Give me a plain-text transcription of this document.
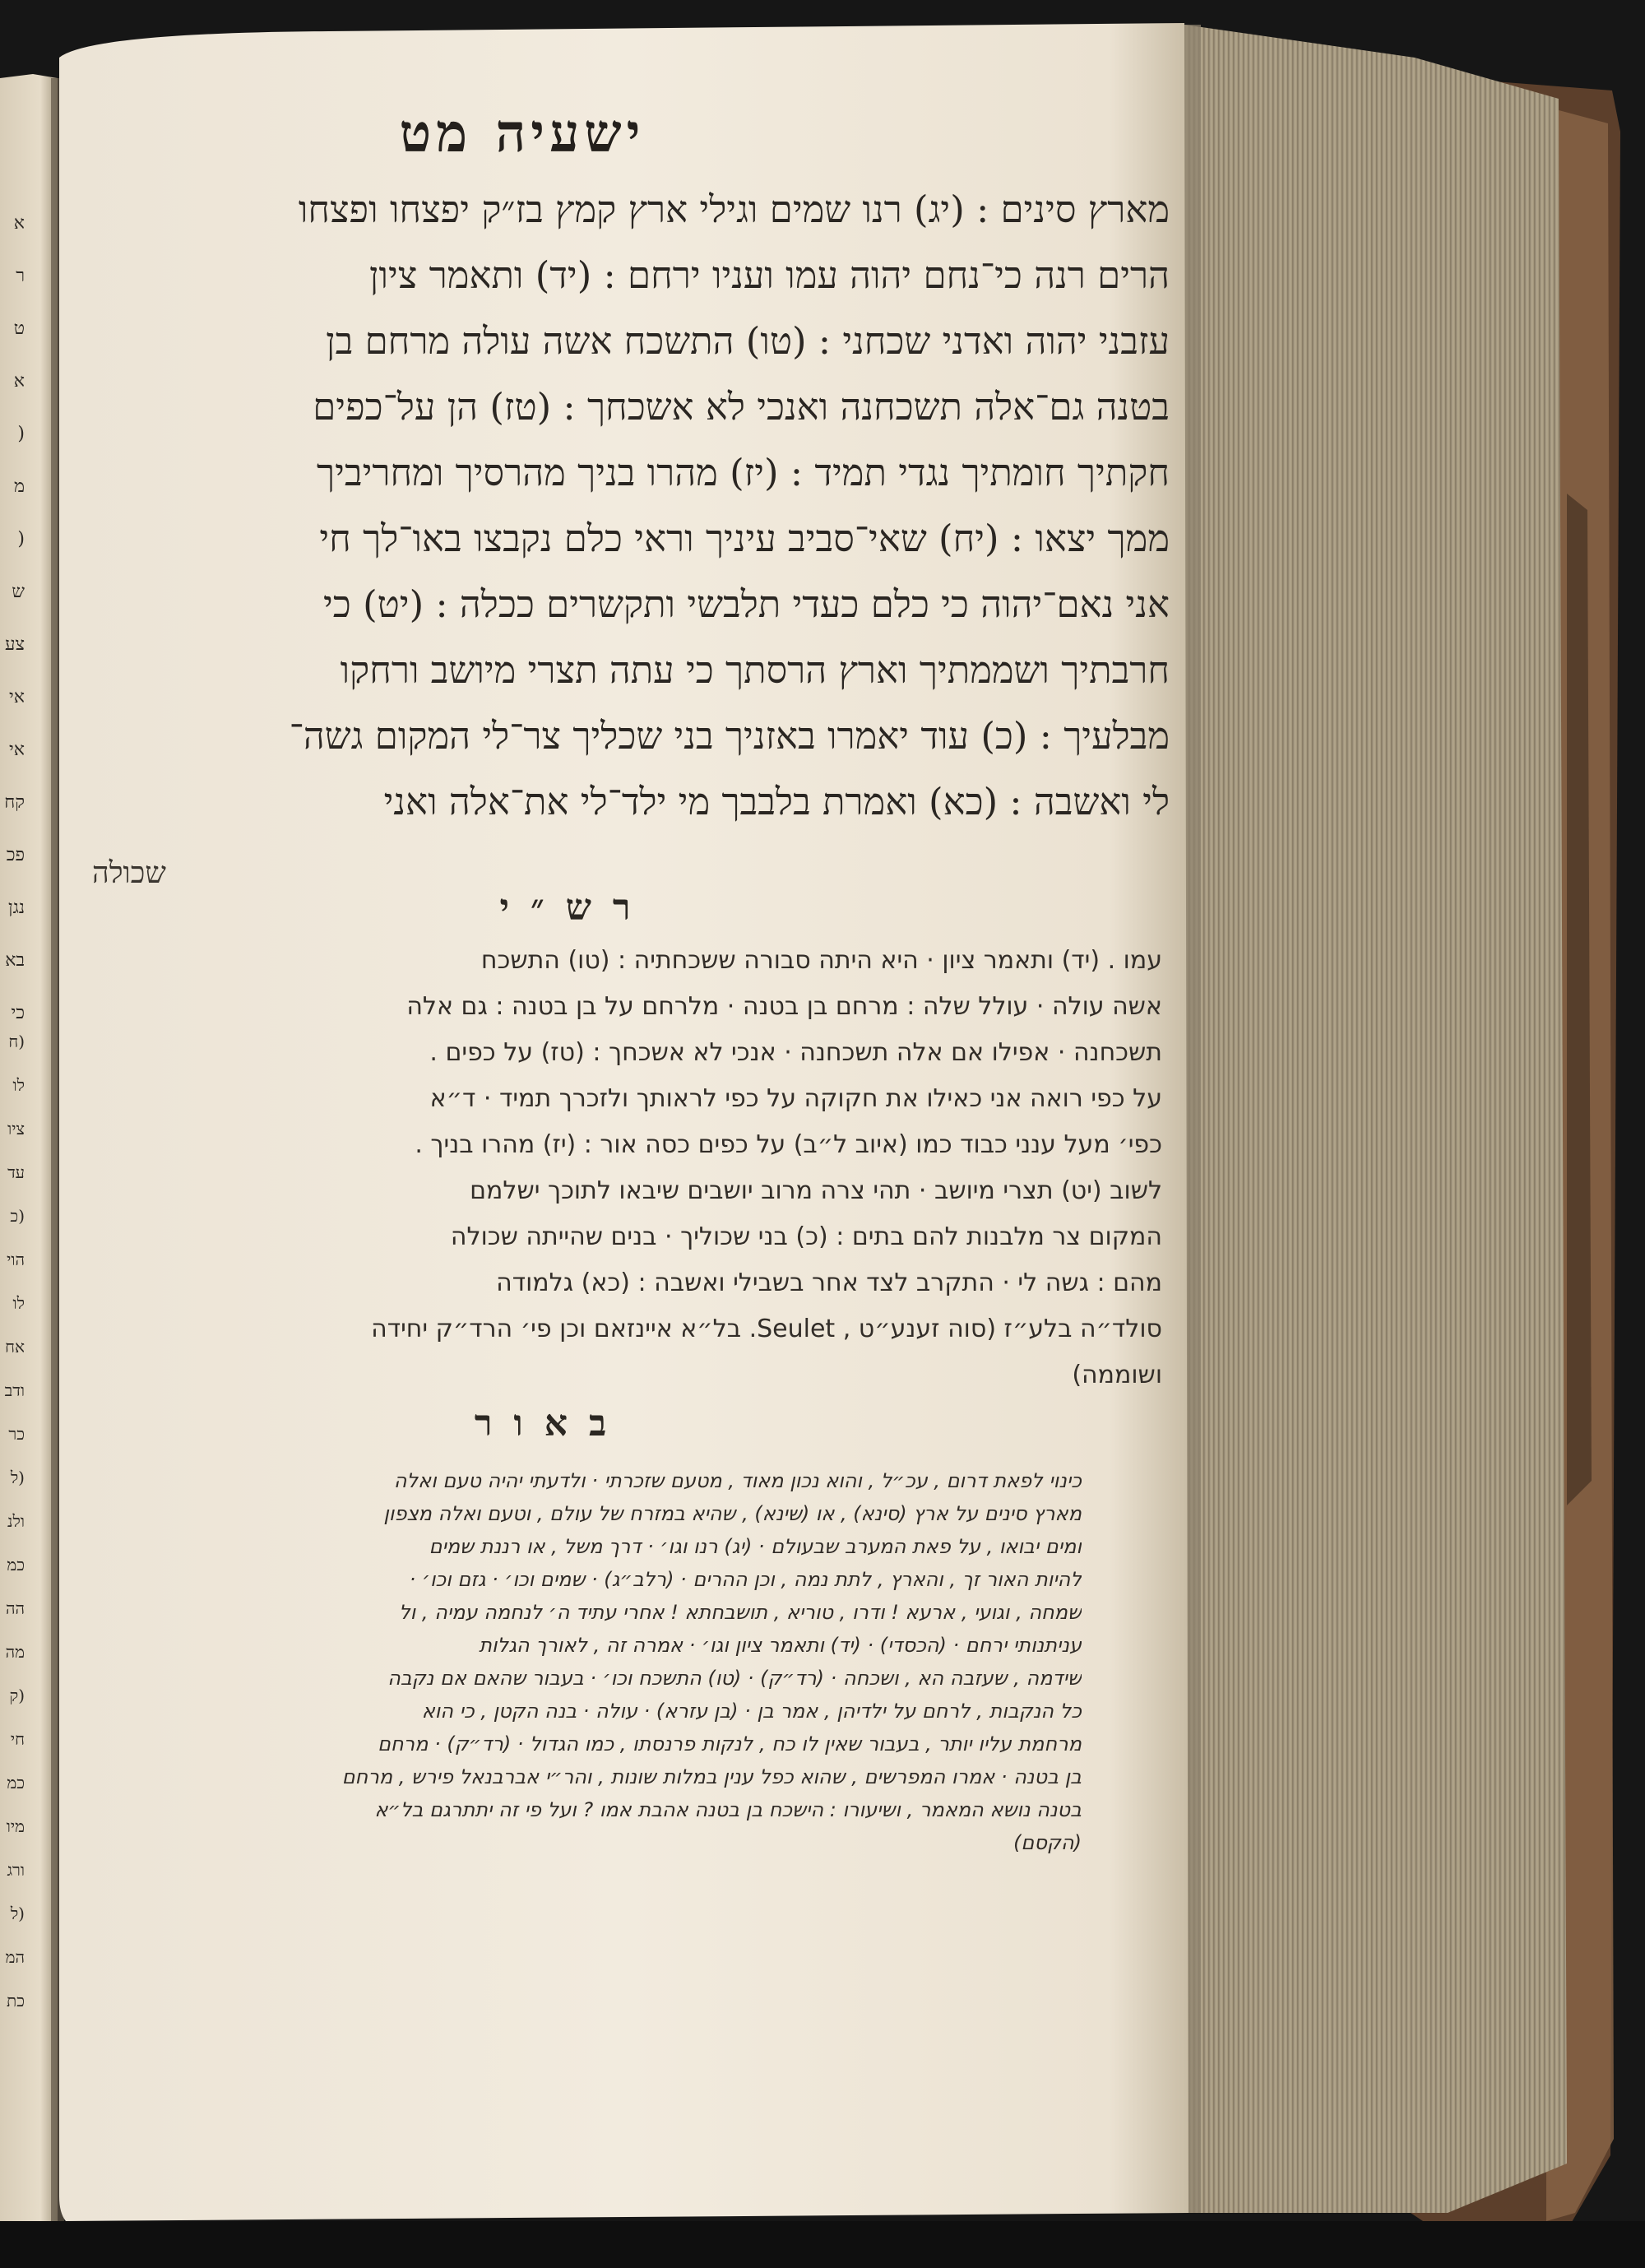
ישעיה מט
מארץ סינים : (יג) רנו שמים וגילי ארץ קמץ בז״ק יפצחו ופצחו
הרים רנה כי־נחם יהוה עמו ועניו ירחם : (יד) ותאמר ציון
עזבני יהוה ואדני שכחני : (טו) התשכח אשה עולה מרחם בן
בטנה גם־אלה תשכחנה ואנכי לא אשכחך : (טז) הן על־כפים
חקתיך חומתיך נגדי תמיד : (יז) מהרו בניך מהרסיך ומחריביך
ממך יצאו : (יח) שאי־סביב עיניך וראי כלם נקבצו באו־לך חי
אני נאם־יהוה כי כלם כעדי תלבשי ותקשרים ככלה : (יט) כי
חרבתיך ושממתיך וארץ הרסתך כי עתה תצרי מיושב ורחקו
מבלעיך : (כ) עוד יאמרו באזניך בני שכליך צר־לי המקום גשה־
לי ואשבה : (כא) ואמרת בלבבך מי ילד־לי את־אלה ואני
שכולה
רש״י
עמו . (יד) ותאמר ציון · היא היתה סבורה ששכחתיה : (טו) התשכח
אשה עולה · עולל שלה : מרחם בן בטנה · מלרחם על בן בטנה : גם אלה
תשכחנה · אפילו אם אלה תשכחנה · אנכי לא אשכחך : (טז) על כפים .
על כפי רואה אני כאילו את חקוקה על כפי לראותך ולזכרך תמיד · ד״א
כפי׳ מעל ענני כבוד כמו (איוב ל״ב) על כפים כסה אור : (יז) מהרו בניך .
לשוב (יט) תצרי מיושב · תהי צרה מרוב יושבים שיבאו לתוכך ישלמם
המקום צר מלבנות להם בתים : (כ) בני שכוליך · בנים שהייתה שכולה
מהם : גשה לי · התקרב לצד אחר בשבילי ואשבה : (כא) גלמודה
סולד״ה בלע״ז (סוה זענע״ט , Seulet. בל״א איינזאם וכן פי׳ הרד״ק יחידה
ושוממה)
באור
כינוי לפאת דרום , עכ״ל , והוא נכון מאוד , מטעם שזכרתי · ולדעתי יהיה טעם ואלה
מארץ סינים על ארץ (סינא) , או (שינא) , שהיא במזרח של עולם , וטעם ואלה מצפון
ומים יבואו , על פאת המערב שבעולם · (יג) רנו וגו׳ · דרך משל , או רננת שמים
להיות האור זך , והארץ , לתת נמה , וכן ההרים · (רלב״ג) · שמים וכו׳ · גזם וכו׳ ·
שמחה , וגועי , ארעא ! ודרו , טוריא , תושבחתא ! אחרי עתיד ה׳ לנחמה עמיה , ול
עניתנותי ירחם · (הכסדי) · (יד) ותאמר ציון וגו׳ · אמרה זה , לאורך הגלות
שידמה , שעזבה הא , ושכחה · (רד״ק) · (טו) התשכח וכו׳ · בעבור שהאם אם נקבה
כל הנקבות , לרחם על ילדיהן , אמר בן · (בן עזרא) · עולה · בנה הקטן , כי הוא
מרחמת עליו יותר , בעבור שאין לו כח , לנקות פרנסתו , כמו הגדול · (רד״ק) · מרחם
בן בטנה · אמרו המפרשים , שהוא כפל ענין במלות שונות , והר״י אברבנאל פירש , מרחם
בטנה נושא המאמר , ושיעורו : הישכח בן בטנה אהבת אמו ? ועל פי זה יתתרגם בל״א
(הקסם)
א
ר
ט
א
(
מ
(
ש
צע
אי
אי
קח
פכ
נגן
בא
כי
(ח
לו
ציו
עד
(כ
הוי
לו
אח
ודב
כר
(ל
ולנ
כמ
הה
מה
(ק
חי
כמ
מיו
ורג
(ל
המ
כת
